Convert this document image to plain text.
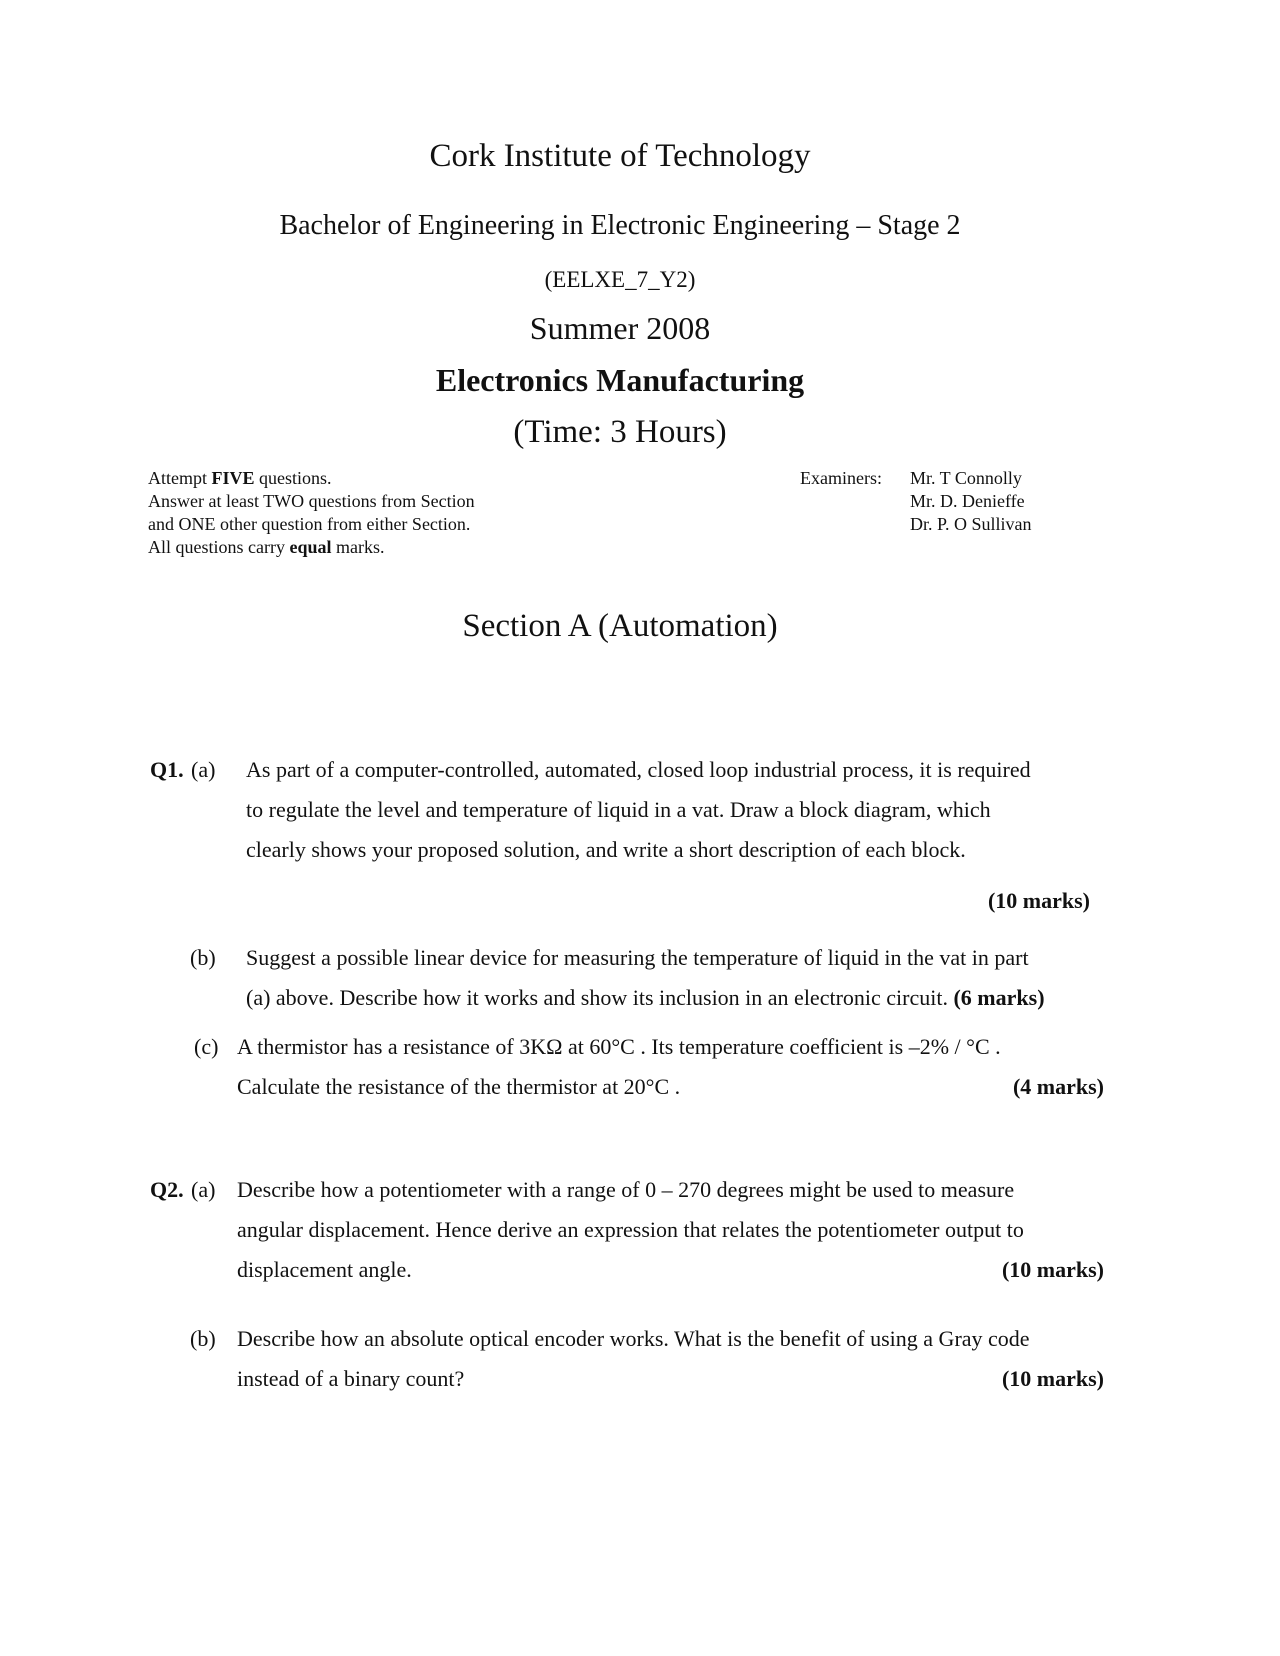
Cork Institute of Technology
Bachelor of Engineering in Electronic Engineering – Stage 2
(EELXE_7_Y2)
Summer 2008
Electronics Manufacturing
(Time: 3 Hours)
Attempt FIVE questions.
Answer at least TWO questions from Section
and ONE other question from either Section.
All questions carry equal marks.
Examiners: Mr. T Connolly
Mr. D. Denieffe
Dr. P. O Sullivan
Section A (Automation)
Q1. (a) As part of a computer-controlled, automated, closed loop industrial process, it is required
to regulate the level and temperature of liquid in a vat. Draw a block diagram, which
clearly shows your proposed solution, and write a short description of each block.
(10 marks)
(b) Suggest a possible linear device for measuring the temperature of liquid in the vat in part
(a) above. Describe how it works and show its inclusion in an electronic circuit. (6 marks)
(c) A thermistor has a resistance of 3KΩ at 60°C . Its temperature coefficient is –2% / °C .
Calculate the resistance of the thermistor at 20°C .	(4 marks)
Q2. (a) Describe how a potentiometer with a range of 0 – 270 degrees might be used to measure
angular displacement. Hence derive an expression that relates the potentiometer output to
displacement angle.	(10 marks)
(b) Describe how an absolute optical encoder works. What is the benefit of using a Gray code
instead of a binary count?	(10 marks)
